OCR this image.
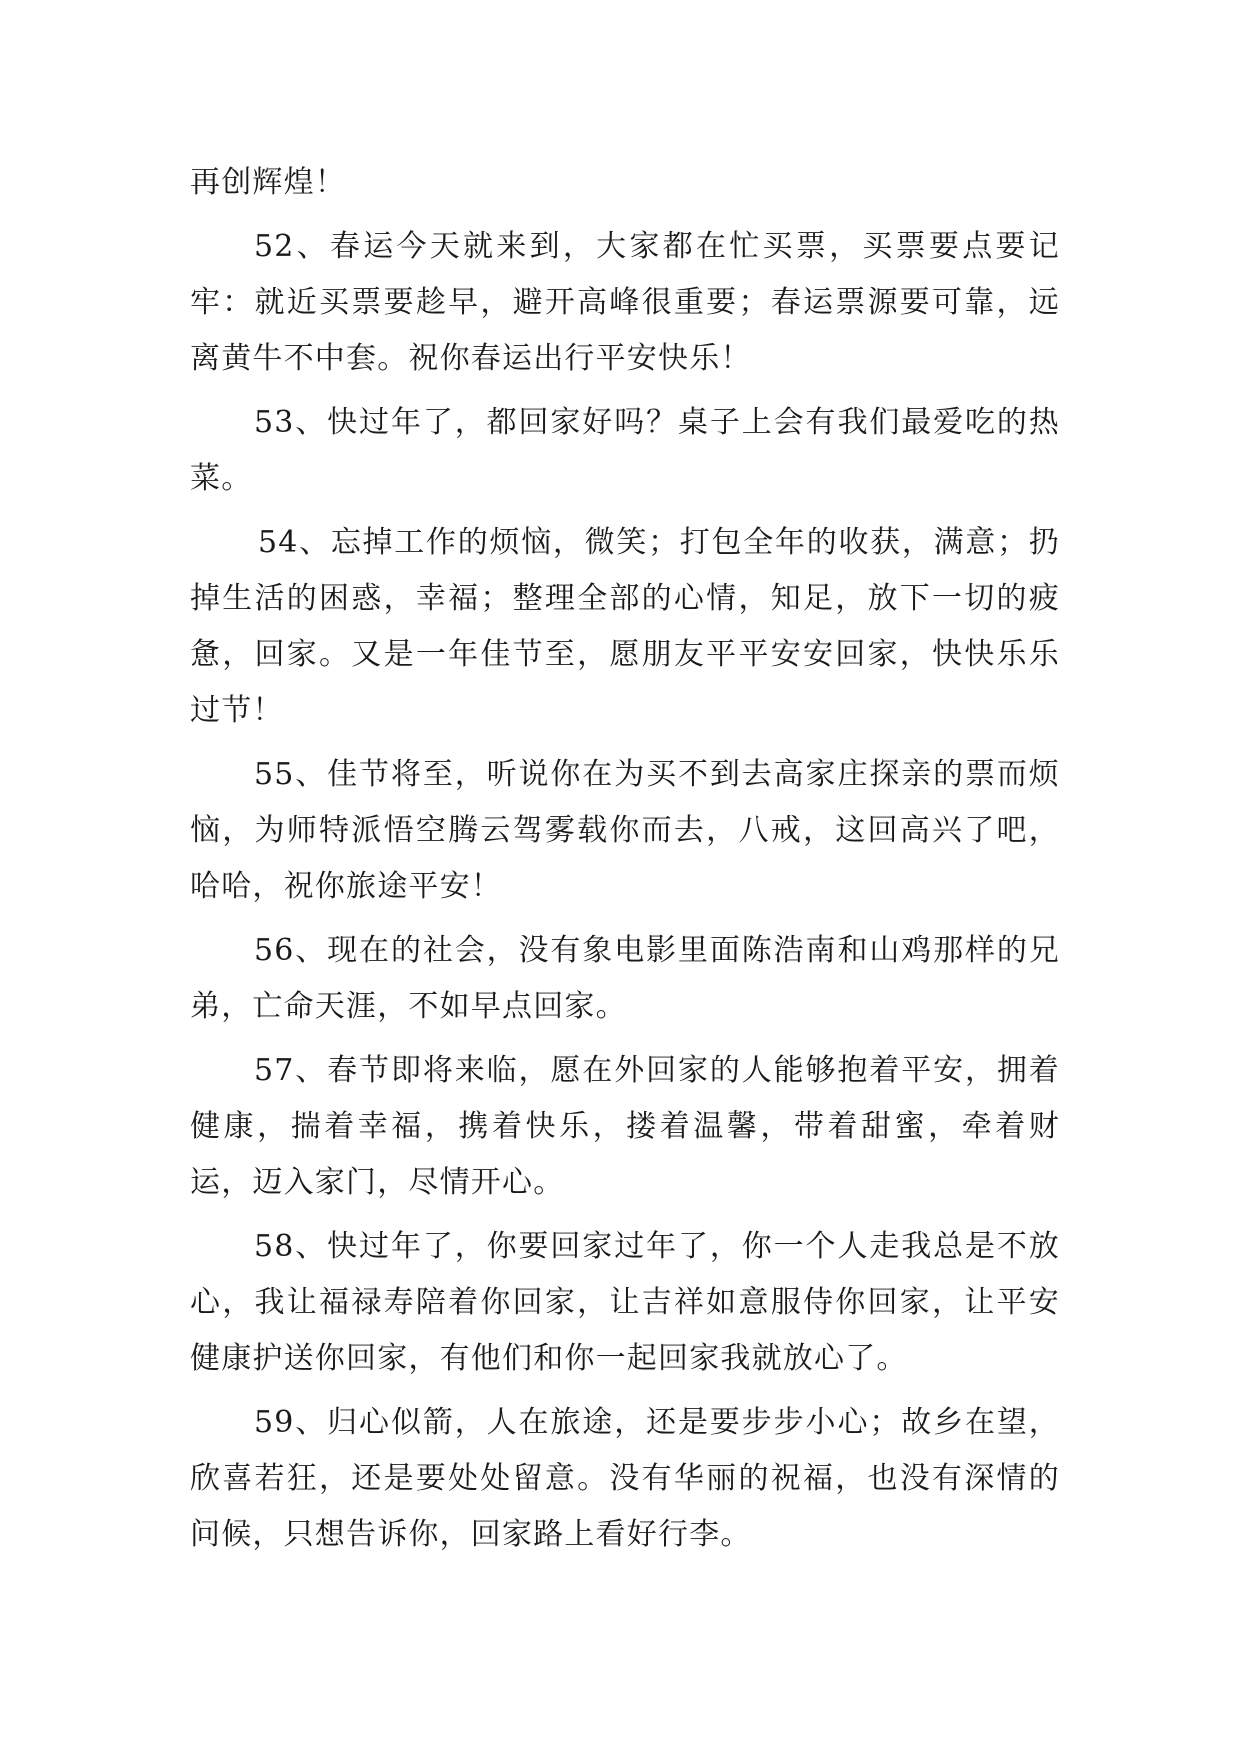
再创辉煌！

52、春运今天就来到，大家都在忙买票，买票要点要记牢：就近买票要趁早，避开高峰很重要；春运票源要可靠，远离黄牛不中套。祝你春运出行平安快乐！

53、快过年了，都回家好吗？桌子上会有我们最爱吃的热菜。

54、忘掉工作的烦恼，微笑；打包全年的收获，满意；扔掉生活的困惑，幸福；整理全部的心情，知足，放下一切的疲惫，回家。又是一年佳节至，愿朋友平平安安回家，快快乐乐过节！

55、佳节将至，听说你在为买不到去高家庄探亲的票而烦恼，为师特派悟空腾云驾雾载你而去，八戒，这回高兴了吧，哈哈，祝你旅途平安！

56、现在的社会，没有象电影里面陈浩南和山鸡那样的兄弟，亡命天涯，不如早点回家。

57、春节即将来临，愿在外回家的人能够抱着平安，拥着健康，揣着幸福，携着快乐，搂着温馨，带着甜蜜，牵着财运，迈入家门，尽情开心。

58、快过年了，你要回家过年了，你一个人走我总是不放心，我让福禄寿陪着你回家，让吉祥如意服侍你回家，让平安健康护送你回家，有他们和你一起回家我就放心了。

59、归心似箭，人在旅途，还是要步步小心；故乡在望，欣喜若狂，还是要处处留意。没有华丽的祝福，也没有深情的问候，只想告诉你，回家路上看好行李。
